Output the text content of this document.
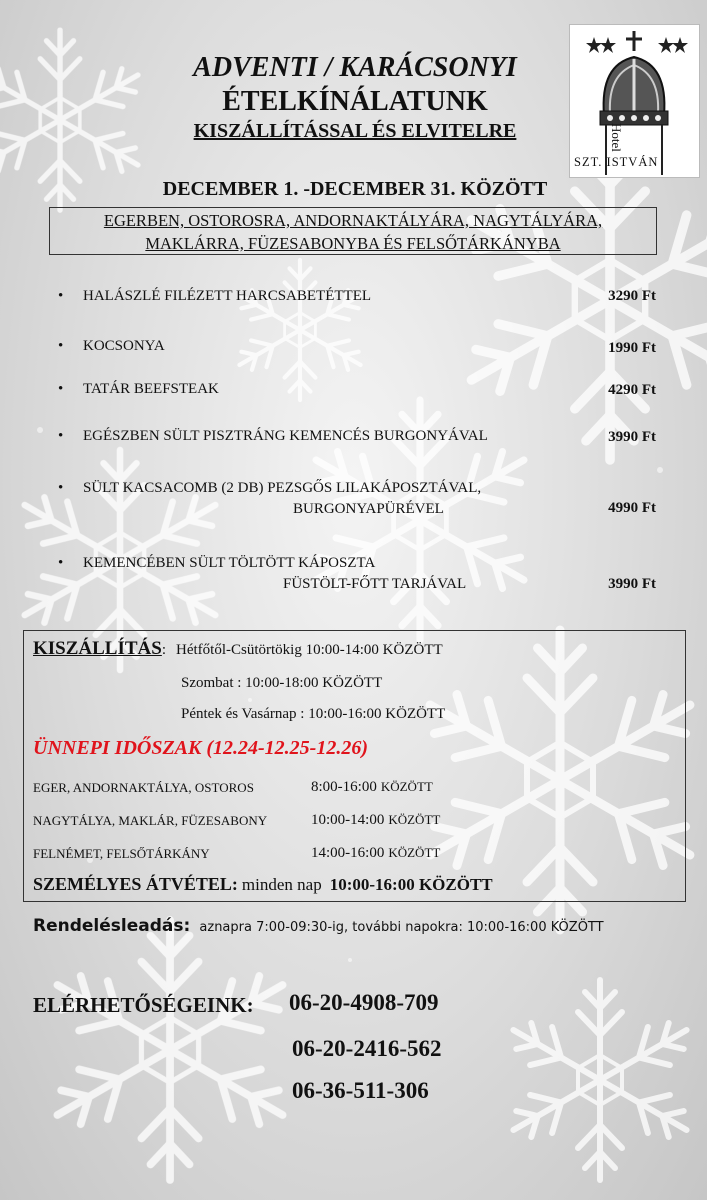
ADVENTI / KARÁCSONYI
ÉTELKÍNÁLATUNK
KISZÁLLÍTÁSSAL ÉS ELVITELRE	Hotel
SZT. ISTVÁN
DECEMBER 1. -DECEMBER 31. KÖZÖTT
EGERBEN, OSTOROSRA, ANDORNAKTÁLYÁRA, NAGYTÁLYÁRA,
MAKLÁRRA, FÜZESABONYBA ÉS FELSŐTÁRKÁNYBA
• HALÁSZLÉ FILÉZETT HARCSABETÉTTEL	3290 Ft
• KOCSONYA	1990 Ft
• TATÁR BEEFSTEAK	4290 Ft
• EGÉSZBEN SÜLT PISZTRÁNG KEMENCÉS BURGONYÁVAL	3990 Ft
• SÜLT KACSACOMB (2 DB) PEZSGŐS LILAKÁPOSZTÁVAL,
BURGONYAPÜRÉVEL	4990 Ft
• KEMENCÉBEN SÜLT TÖLTÖTT KÁPOSZTA
FÜSTÖLT-FŐTT TARJÁVAL	3990 Ft
KISZÁLLÍTÁS: Hétfőtől-Csütörtökig 10:00-14:00 KÖZÖTT
Szombat : 10:00-18:00 KÖZÖTT
Péntek és Vasárnap : 10:00-16:00 KÖZÖTT
ÜNNEPI IDŐSZAK (12.24-12.25-12.26)
EGER, ANDORNAKTÁLYA, OSTOROS	8:00-16:00 KÖZÖTT
NAGYTÁLYA, MAKLÁR, FÜZESABONY	10:00-14:00 KÖZÖTT
FELNÉMET, FELSŐTÁRKÁNY	14:00-16:00 KÖZÖTT
SZEMÉLYES ÁTVÉTEL: minden nap 10:00-16:00 KÖZÖTT
Rendelésleadás: aznapra 7:00-09:30-ig, további napokra: 10:00-16:00 KÖZÖTT
ELÉRHETŐSÉGEINK: 06-20-4908-709
06-20-2416-562
06-36-511-306
